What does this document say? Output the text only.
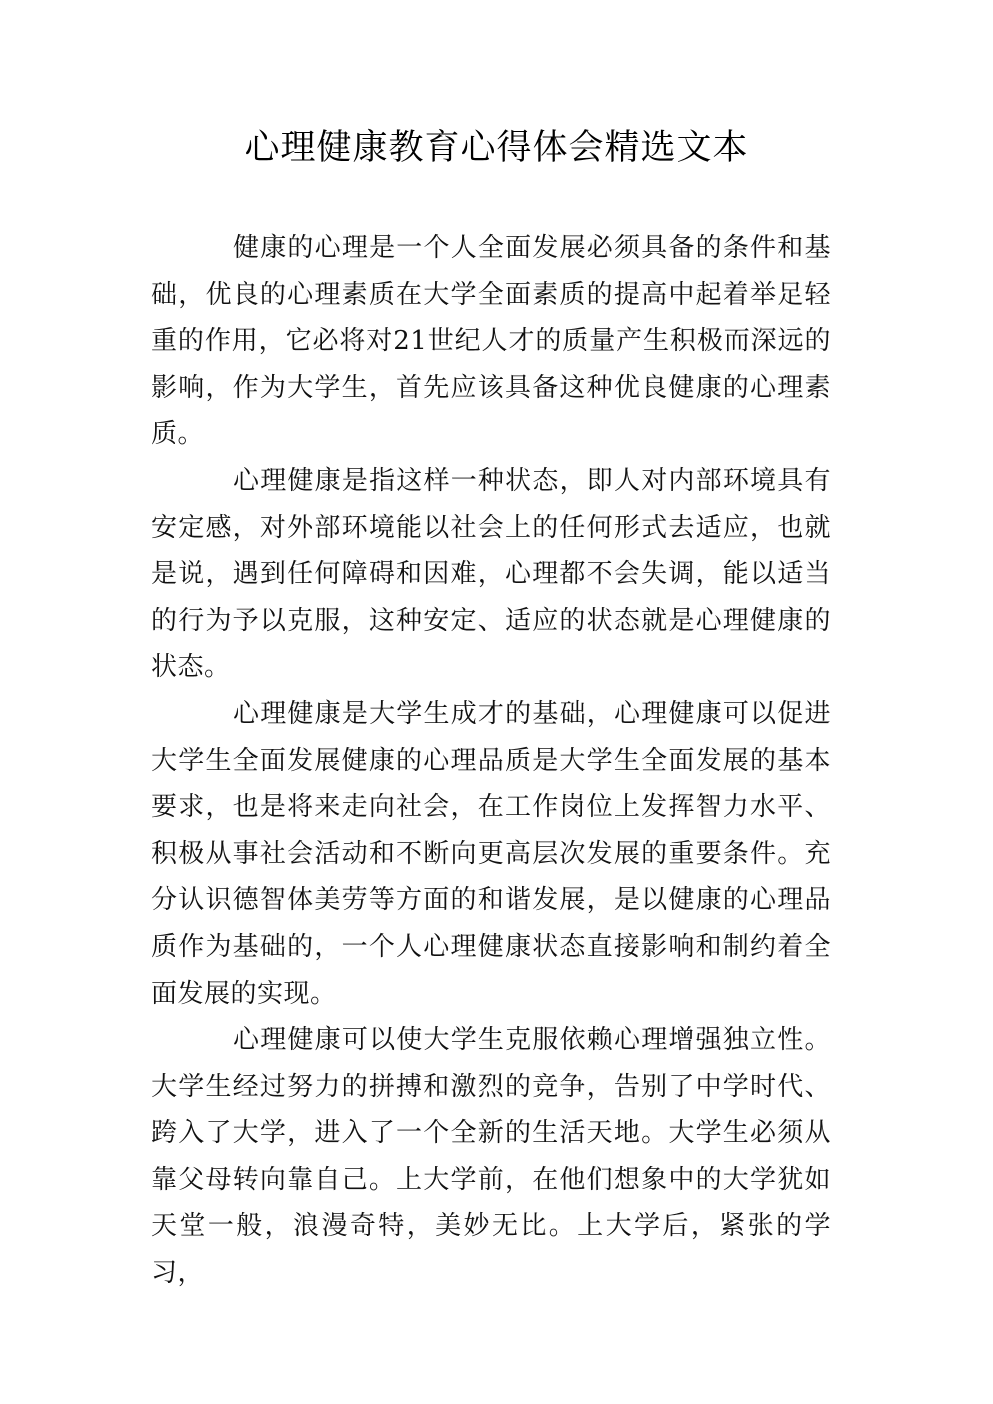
心理健康教育心得体会精选文本

健康的心理是一个人全面发展必须具备的条件和基础，优良的心理素质在大学全面素质的提高中起着举足轻重的作用，它必将对21世纪人才的质量产生积极而深远的影响，作为大学生，首先应该具备这种优良健康的心理素质。

心理健康是指这样一种状态，即人对内部环境具有安定感，对外部环境能以社会上的任何形式去适应，也就是说，遇到任何障碍和因难，心理都不会失调，能以适当的行为予以克服，这种安定、适应的状态就是心理健康的状态。

心理健康是大学生成才的基础，心理健康可以促进大学生全面发展健康的心理品质是大学生全面发展的基本要求，也是将来走向社会，在工作岗位上发挥智力水平、积极从事社会活动和不断向更高层次发展的重要条件。充分认识德智体美劳等方面的和谐发展，是以健康的心理品质作为基础的，一个人心理健康状态直接影响和制约着全面发展的实现。

心理健康可以使大学生克服依赖心理增强独立性。大学生经过努力的拼搏和激烈的竞争，告别了中学时代、跨入了大学，进入了一个全新的生活天地。大学生必须从靠父母转向靠自己。上大学前，在他们想象中的大学犹如天堂一般，浪漫奇特，美妙无比。上大学后，紧张的学习，
